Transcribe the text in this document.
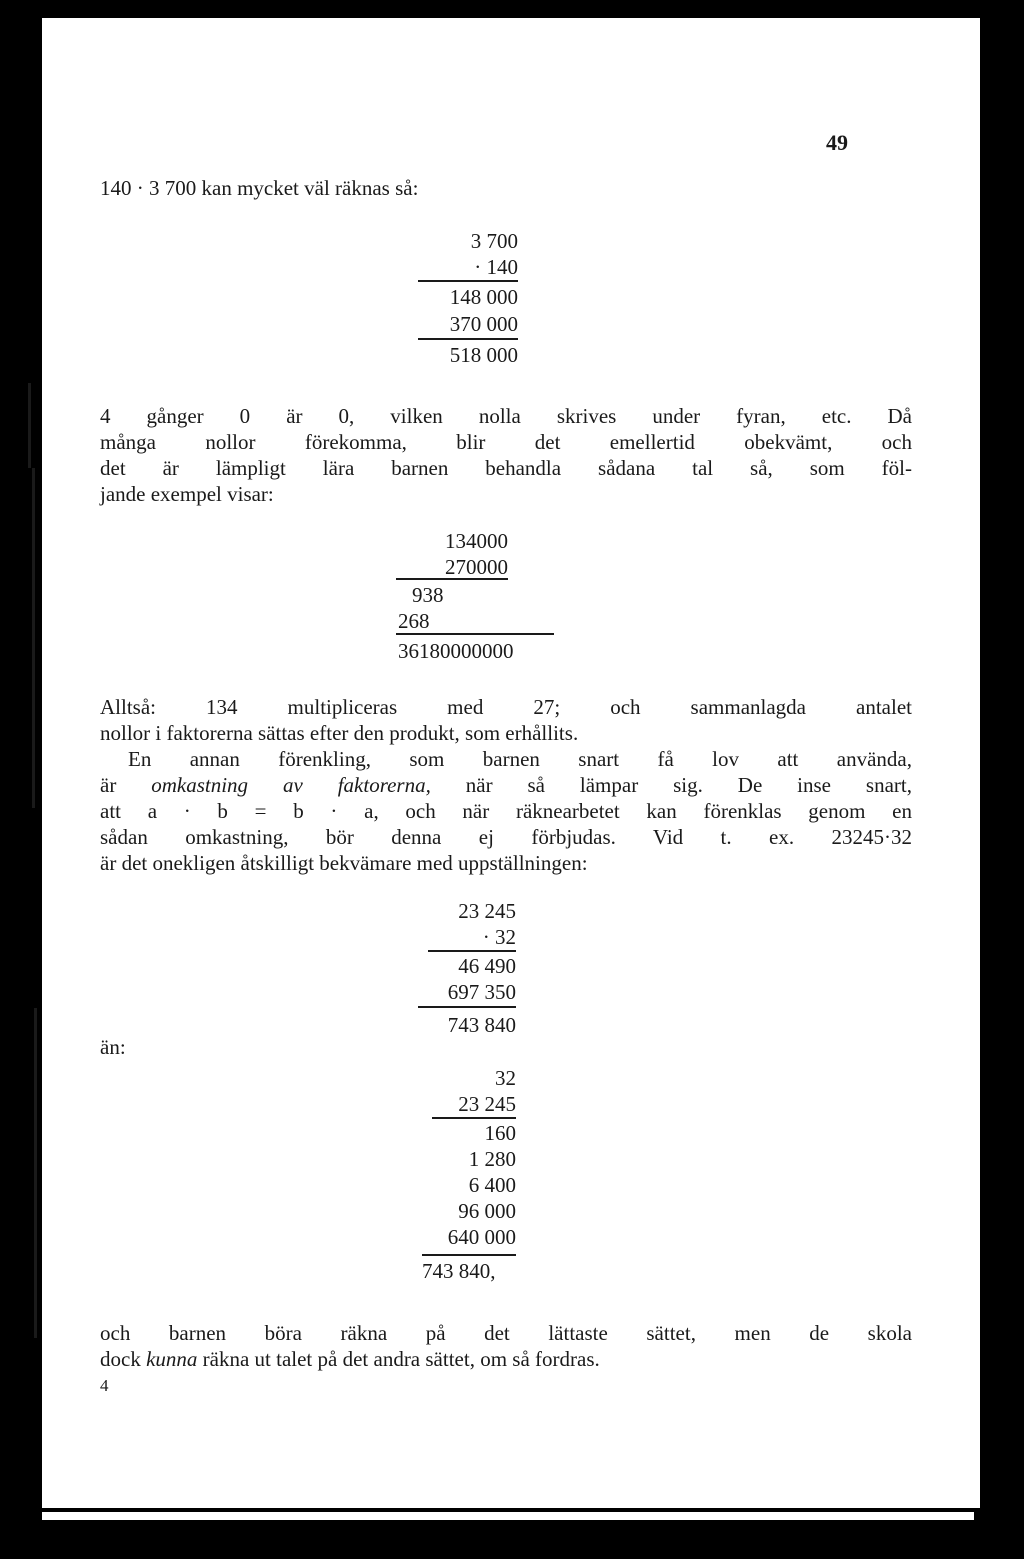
49
140 · 3 700 kan mycket väl räknas så:
3 700
· 140
148 000
370 000
518 000
4 gånger 0 är 0, vilken nolla skrives under fyran, etc. Då
många nollor förekomma, blir det emellertid obekvämt, och
det är lämpligt lära barnen behandla sådana tal så, som föl-
jande exempel visar:
134000
270000
938
268
36180000000
Alltså: 134 multipliceras med 27; och sammanlagda antalet
nollor i faktorerna sättas efter den produkt, som erhållits.
En annan förenkling, som barnen snart få lov att använda,
är omkastning av faktorerna, när så lämpar sig. De inse snart,
att a · b = b · a, och när räknearbetet kan förenklas genom en
sådan omkastning, bör denna ej förbjudas. Vid t. ex. 23245·32
är det onekligen åtskilligt bekvämare med uppställningen:
23 245
· 32
46 490
697 350
743 840
än:
32
23 245
160
1 280
6 400
96 000
640 000
743 840,
och barnen böra räkna på det lättaste sättet, men de skola
dock kunna räkna ut talet på det andra sättet, om så fordras.
4
